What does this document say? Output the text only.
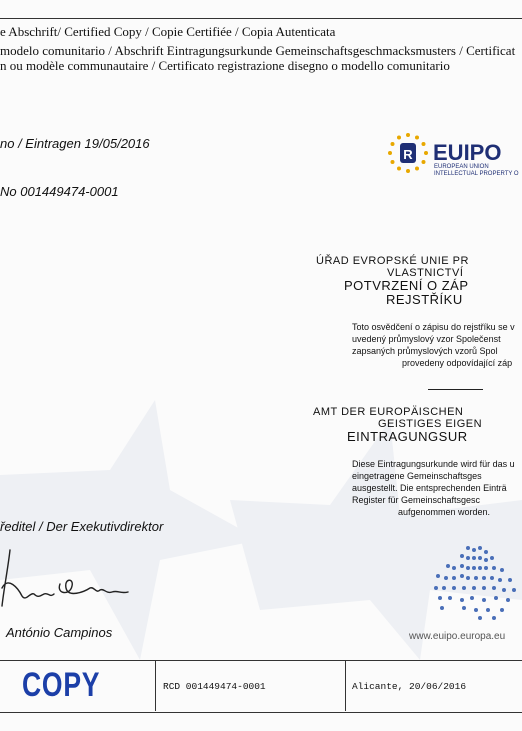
e Abschrift/ Certified Copy / Copie Certifiée / Copia Autenticata
modelo comunitario / Abschrift Eintragungsurkunde Gemeinschaftsgeschmacksmusters / Certificat
n ou modèle communautaire / Certificato registrazione disegno o modello comunitario
no / Eintragen 19/05/2016
No 001449474-0001
R EUIPO
EUROPEAN UNION
INTELLECTUAL PROPERTY O
ÚŘAD EVROPSKÉ UNIE PR
VLASTNICTVÍ
POTVRZENÍ O ZÁP
REJSTŘÍKU
Toto osvědčení o zápisu do rejstříku se v
uvedený průmyslový vzor Společenst
zapsaných průmyslových vzorů Spol
provedeny odpovídající záp
AMT DER EUROPÄISCHEN
GEISTIGES EIGEN
EINTRAGUNGSUR
Diese Eintragungsurkunde wird für das u
eingetragene Gemeinschaftsges
ausgestellt. Die entsprechenden Einträ
Register für Gemeinschaftsgesc
aufgenommen worden.
ředitel / Der Exekutivdirektor
António Campinos	www.euipo.europa.eu
COPY	RCD 001449474-0001	Alicante, 20/06/2016
